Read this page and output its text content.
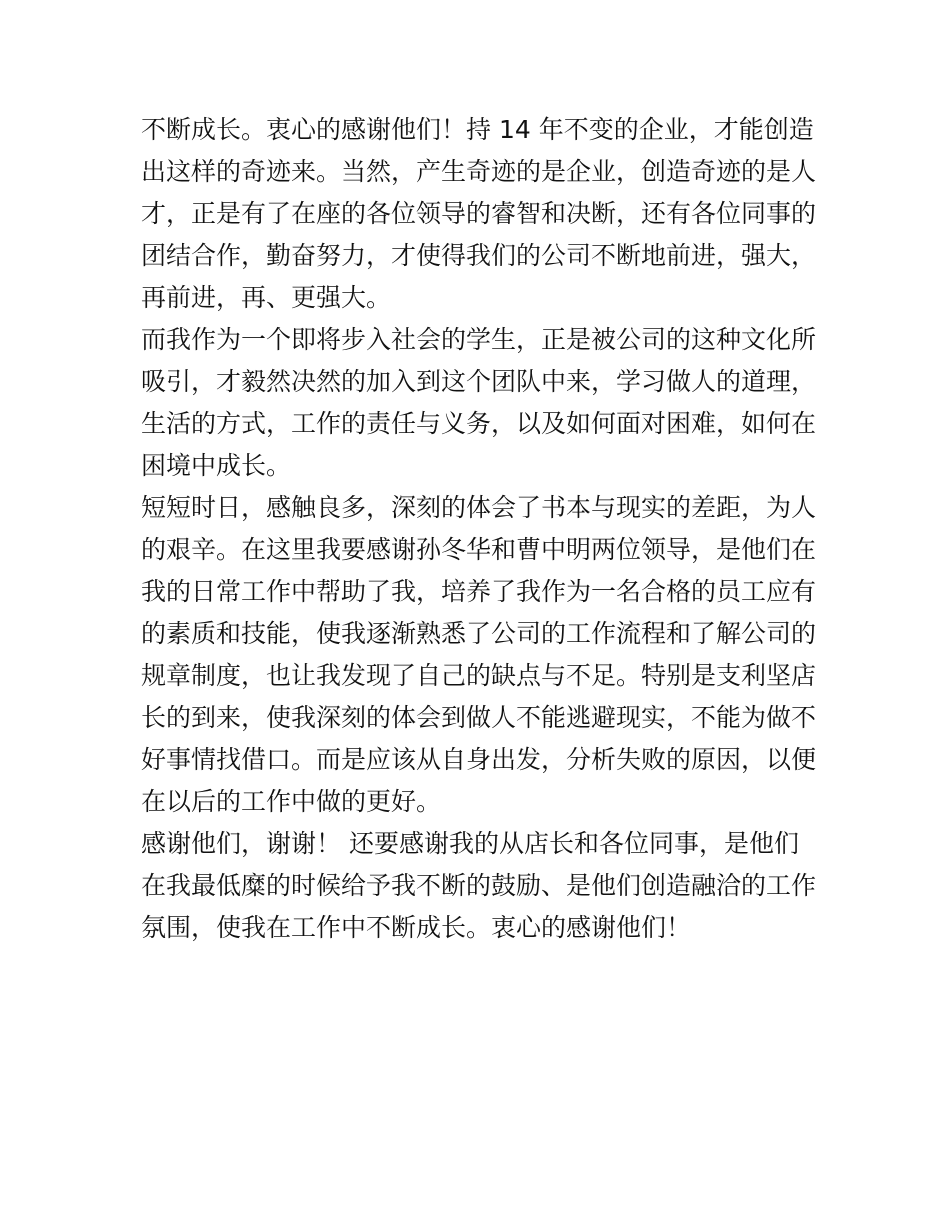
不断成长。衷心的感谢他们！持 14 年不变的企业，才能创造
出这样的奇迹来。当然，产生奇迹的是企业，创造奇迹的是人
才，正是有了在座的各位领导的睿智和决断，还有各位同事的
团结合作，勤奋努力，才使得我们的公司不断地前进，强大，
再前进，再、更强大。
而我作为一个即将步入社会的学生，正是被公司的这种文化所
吸引，才毅然决然的加入到这个团队中来，学习做人的道理，
生活的方式，工作的责任与义务，以及如何面对困难，如何在
困境中成长。
短短时日，感触良多，深刻的体会了书本与现实的差距，为人
的艰辛。在这里我要感谢孙冬华和曹中明两位领导，是他们在
我的日常工作中帮助了我，培养了我作为一名合格的员工应有
的素质和技能，使我逐渐熟悉了公司的工作流程和了解公司的
规章制度，也让我发现了自己的缺点与不足。特别是支利坚店
长的到来，使我深刻的体会到做人不能逃避现实，不能为做不
好事情找借口。而是应该从自身出发，分析失败的原因，以便
在以后的工作中做的更好。
感谢他们，谢谢！ 还要感谢我的从店长和各位同事，是他们
在我最低糜的时候给予我不断的鼓励、是他们创造融洽的工作
氛围，使我在工作中不断成长。衷心的感谢他们！
